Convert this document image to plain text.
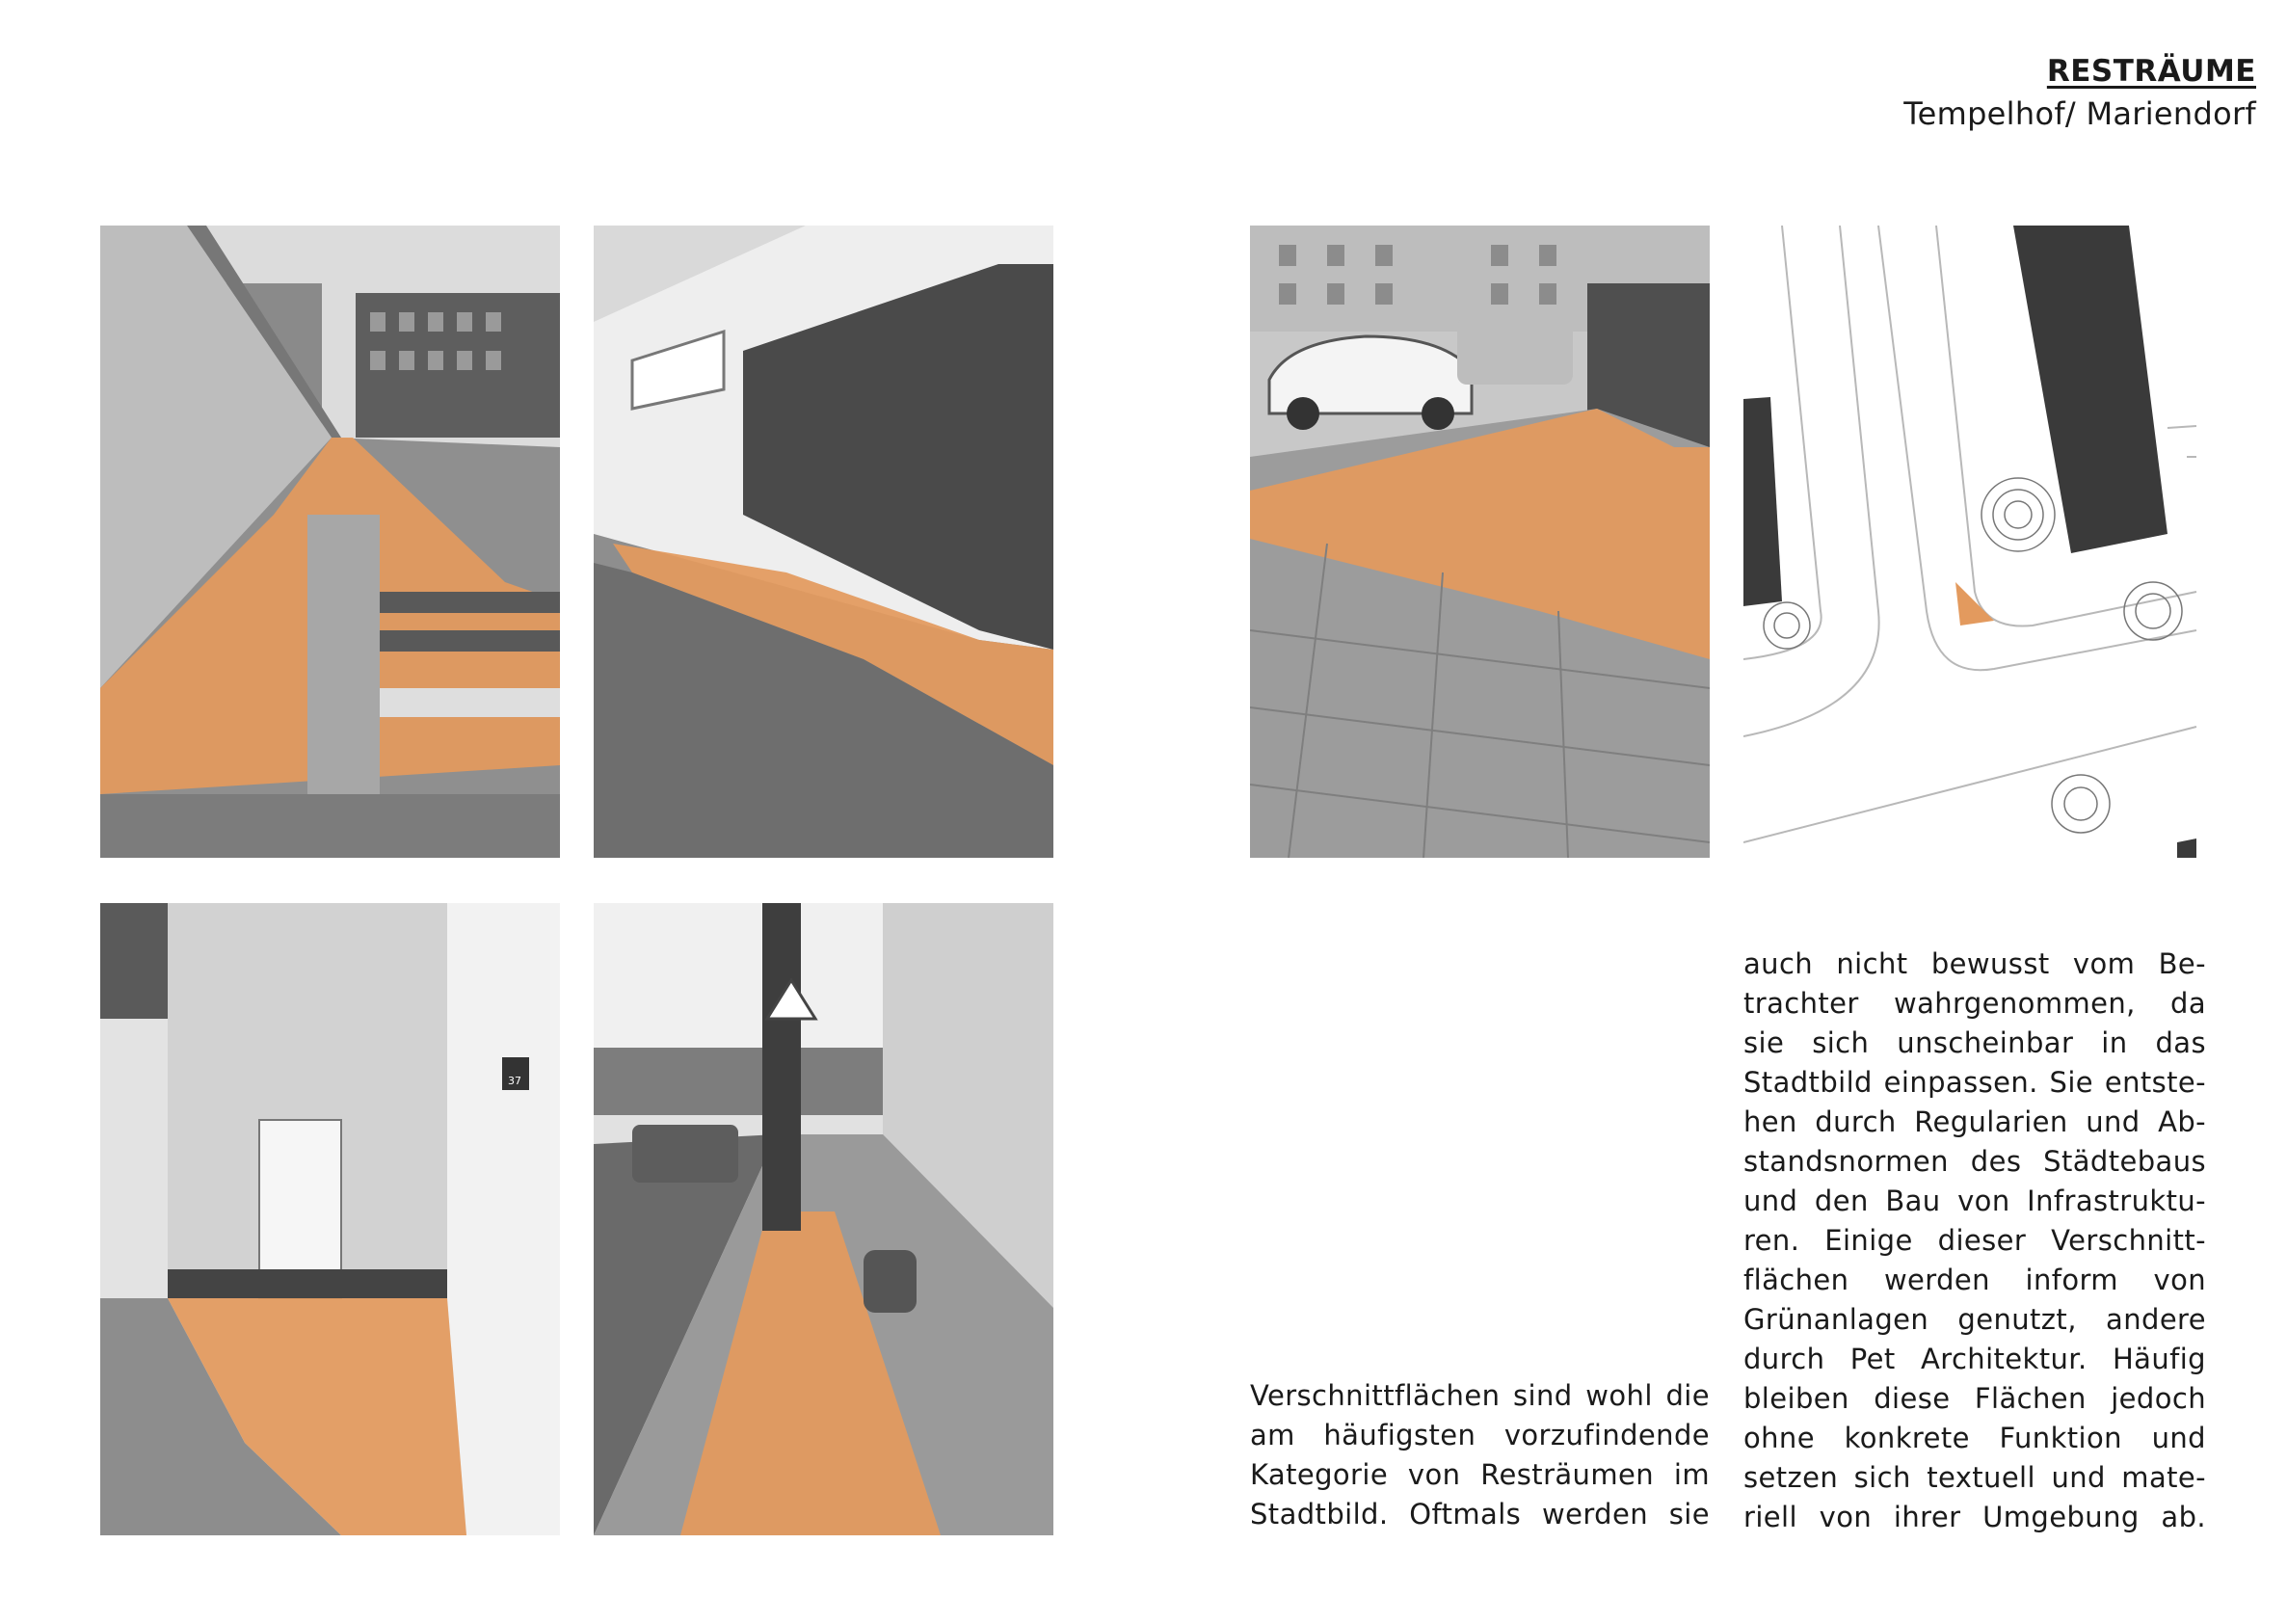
RESTRÄUME
Tempelhof/ Mariendorf
37
Verschnittflächen sind wohl die
am häufigsten vorzufindende
Kategorie von Resträumen im
Stadtbild. Oftmals werden sie
auch nicht bewusst vom Be-
trachter wahrgenommen, da
sie sich unscheinbar in das
Stadtbild einpassen. Sie entste-
hen durch Regularien und Ab-
standsnormen des Städtebaus
und den Bau von Infrastruktu-
ren. Einige dieser Verschnitt-
flächen werden inform von
Grünanlagen genutzt, andere
durch Pet Architektur. Häufig
bleiben diese Flächen jedoch
ohne konkrete Funktion und
setzen sich textuell und mate-
riell von ihrer Umgebung ab.
